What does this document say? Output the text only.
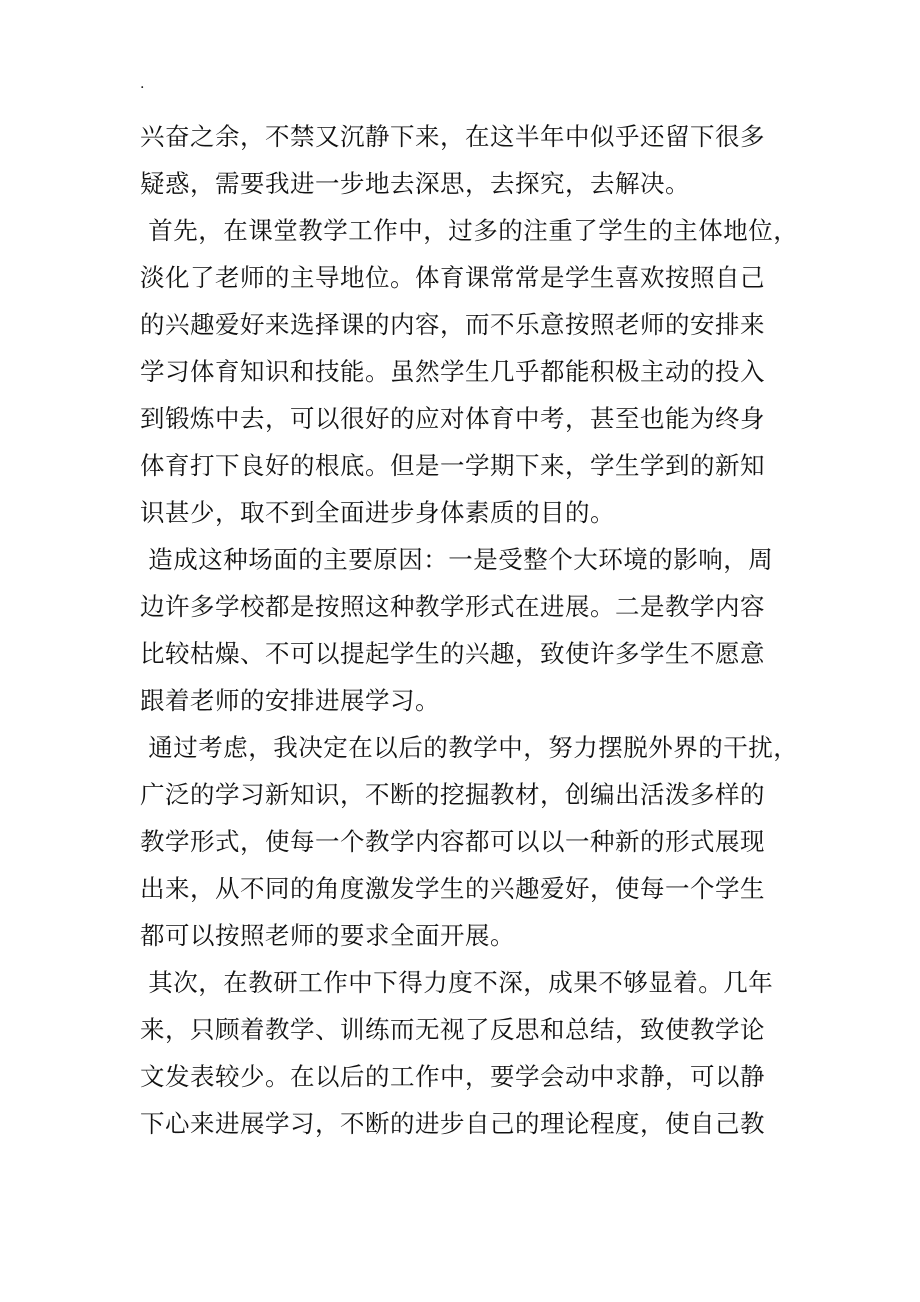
.
兴奋之余，不禁又沉静下来，在这半年中似乎还留下很多
疑惑，需要我进一步地去深思，去探究，去解决。
首先，在课堂教学工作中，过多的注重了学生的主体地位，
淡化了老师的主导地位。体育课常常是学生喜欢按照自己
的兴趣爱好来选择课的内容，而不乐意按照老师的安排来
学习体育知识和技能。虽然学生几乎都能积极主动的投入
到锻炼中去，可以很好的应对体育中考，甚至也能为终身
体育打下良好的根底。但是一学期下来，学生学到的新知
识甚少，取不到全面进步身体素质的目的。
造成这种场面的主要原因：一是受整个大环境的影响，周
边许多学校都是按照这种教学形式在进展。二是教学内容
比较枯燥、不可以提起学生的兴趣，致使许多学生不愿意
跟着老师的安排进展学习。
通过考虑，我决定在以后的教学中，努力摆脱外界的干扰，
广泛的学习新知识，不断的挖掘教材，创编出活泼多样的
教学形式，使每一个教学内容都可以以一种新的形式展现
出来，从不同的角度激发学生的兴趣爱好，使每一个学生
都可以按照老师的要求全面开展。
其次，在教研工作中下得力度不深，成果不够显着。几年
来，只顾着教学、训练而无视了反思和总结，致使教学论
文发表较少。在以后的工作中，要学会动中求静，可以静
下心来进展学习，不断的进步自己的理论程度，使自己教
